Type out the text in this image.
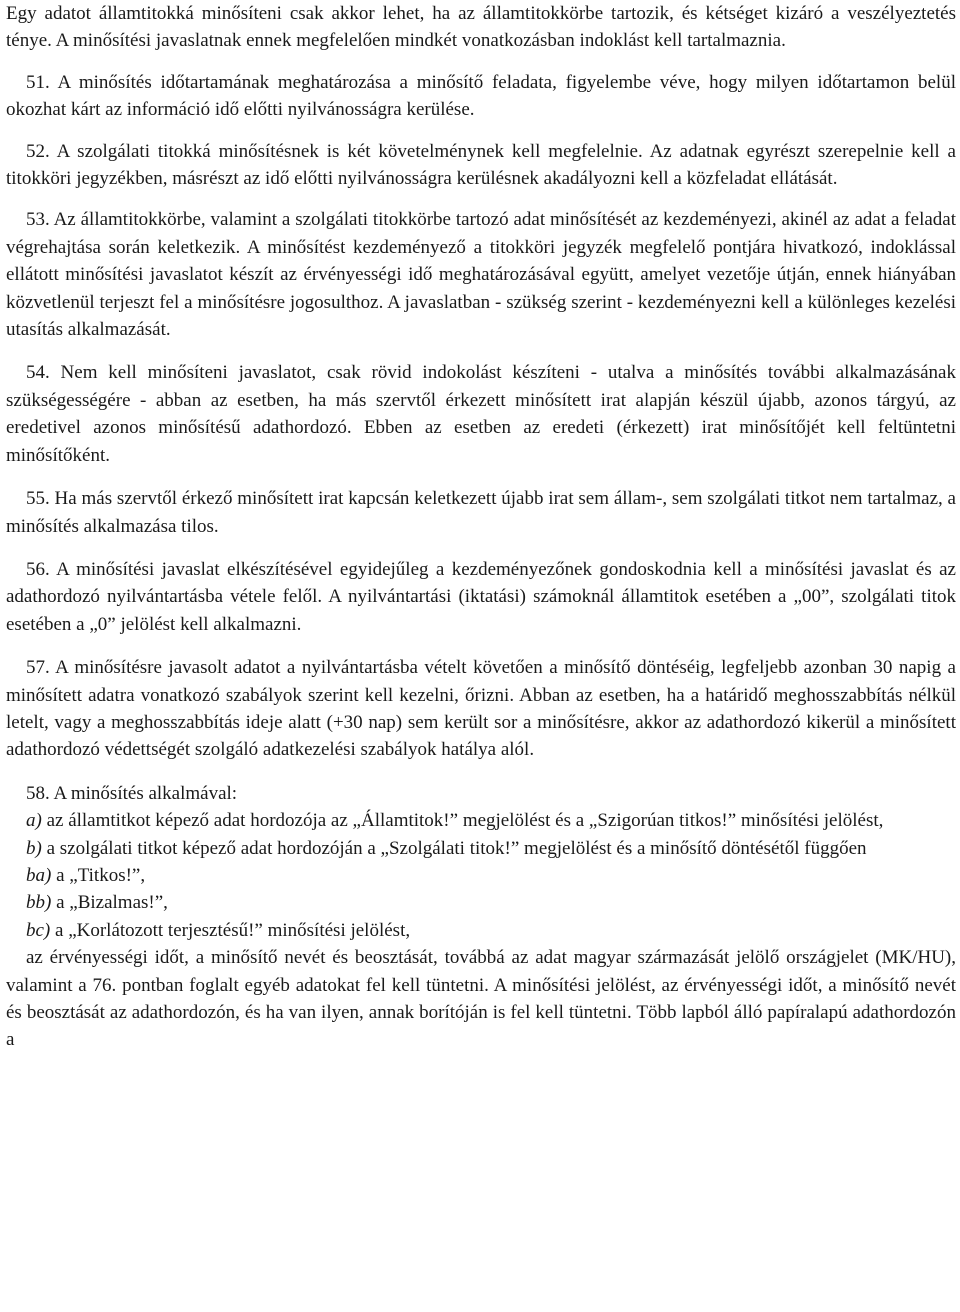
Egy adatot államtitokká minősíteni csak akkor lehet, ha az államtitokkörbe tartozik, és kétséget kizáró a veszélyeztetés ténye. A minősítési javaslatnak ennek megfelelően mindkét vonatkozásban indoklást kell tartalmaznia.

51. A minősítés időtartamának meghatározása a minősítő feladata, figyelembe véve, hogy milyen időtartamon belül okozhat kárt az információ idő előtti nyilvánosságra kerülése.

52. A szolgálati titokká minősítésnek is két követelménynek kell megfelelnie. Az adatnak egyrészt szerepelnie kell a titokköri jegyzékben, másrészt az idő előtti nyilvánosságra kerülésnek akadályozni kell a közfeladat ellátását.

53. Az államtitokkörbe, valamint a szolgálati titokkörbe tartozó adat minősítését az kezdeményezi, akinél az adat a feladat végrehajtása során keletkezik. A minősítést kezdeményező a titokköri jegyzék megfelelő pontjára hivatkozó, indoklással ellátott minősítési javaslatot készít az érvényességi idő meghatározásával együtt, amelyet vezetője útján, ennek hiányában közvetlenül terjeszt fel a minősítésre jogosulthoz. A javaslatban - szükség szerint - kezdeményezni kell a különleges kezelési utasítás alkalmazását.

54. Nem kell minősíteni javaslatot, csak rövid indokolást készíteni - utalva a minősítés további alkalmazásának szükségességére - abban az esetben, ha más szervtől érkezett minősített irat alapján készül újabb, azonos tárgyú, az eredetivel azonos minősítésű adathordozó. Ebben az esetben az eredeti (érkezett) irat minősítőjét kell feltüntetni minősítőként.

55. Ha más szervtől érkező minősített irat kapcsán keletkezett újabb irat sem állam-, sem szolgálati titkot nem tartalmaz, a minősítés alkalmazása tilos.

56. A minősítési javaslat elkészítésével egyidejűleg a kezdeményezőnek gondoskodnia kell a minősítési javaslat és az adathordozó nyilvántartásba vétele felől. A nyilvántartási (iktatási) számoknál államtitok esetében a „00”, szolgálati titok esetében a „0” jelölést kell alkalmazni.

57. A minősítésre javasolt adatot a nyilvántartásba vételt követően a minősítő döntéséig, legfeljebb azonban 30 napig a minősített adatra vonatkozó szabályok szerint kell kezelni, őrizni. Abban az esetben, ha a határidő meghosszabbítás nélkül letelt, vagy a meghosszabbítás ideje alatt (+30 nap) sem került sor a minősítésre, akkor az adathordozó kikerül a minősített adathordozó védettségét szolgáló adatkezelési szabályok hatálya alól.

58. A minősítés alkalmával:

a) az államtitkot képező adat hordozója az „Államtitok!” megjelölést és a „Szigorúan titkos!” minősítési jelölést,

b) a szolgálati titkot képező adat hordozóján a „Szolgálati titok!” megjelölést és a minősítő döntésétől függően

ba) a „Titkos!”,

bb) a „Bizalmas!”,

bc) a „Korlátozott terjesztésű!” minősítési jelölést,

az érvényességi időt, a minősítő nevét és beosztását, továbbá az adat magyar származását jelölő országjelet (MK/HU), valamint a 76. pontban foglalt egyéb adatokat fel kell tüntetni. A minősítési jelölést, az érvényességi időt, a minősítő nevét és beosztását az adathordozón, és ha van ilyen, annak borítóján is fel kell tüntetni. Több lapból álló papíralapú adathordozón a
